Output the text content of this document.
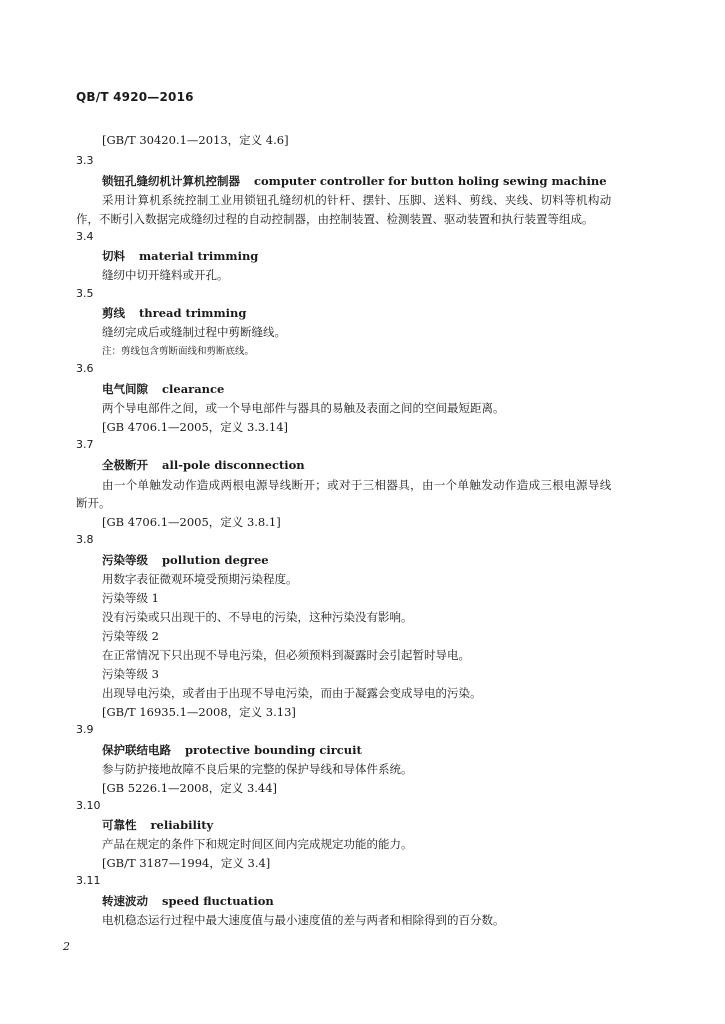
QB/T 4920—2016
[GB/T 30420.1—2013，定义 4.6]
3.3
锁钮孔缝纫机计算机控制器 computer controller for button holing sewing machine
采用计算机系统控制工业用锁钮孔缝纫机的针杆、摆针、压脚、送料、剪线、夹线、切料等机构动
作，不断引入数据完成缝纫过程的自动控制器，由控制装置、检测装置、驱动装置和执行装置等组成。
3.4
切料 material trimming
缝纫中切开缝料或开孔。
3.5
剪线 thread trimming
缝纫完成后或缝制过程中剪断缝线。
注：剪线包含剪断面线和剪断底线。
3.6
电气间隙 clearance
两个导电部件之间，或一个导电部件与器具的易触及表面之间的空间最短距离。
[GB 4706.1—2005，定义 3.3.14]
3.7
全极断开 all-pole disconnection
由一个单触发动作造成两根电源导线断开；或对于三相器具，由一个单触发动作造成三根电源导线
断开。
[GB 4706.1—2005，定义 3.8.1]
3.8
污染等级 pollution degree
用数字表征微观环境受预期污染程度。
污染等级 1
没有污染或只出现干的、不导电的污染，这种污染没有影响。
污染等级 2
在正常情况下只出现不导电污染，但必须预料到凝露时会引起暂时导电。
污染等级 3
出现导电污染，或者由于出现不导电污染，而由于凝露会变成导电的污染。
[GB/T 16935.1—2008，定义 3.13]
3.9
保护联结电路 protective bounding circuit
参与防护接地故障不良后果的完整的保护导线和导体件系统。
[GB 5226.1—2008，定义 3.44]
3.10
可靠性 reliability
产品在规定的条件下和规定时间区间内完成规定功能的能力。
[GB/T 3187—1994，定义 3.4]
3.11
转速波动 speed fluctuation
电机稳态运行过程中最大速度值与最小速度值的差与两者和相除得到的百分数。
2
